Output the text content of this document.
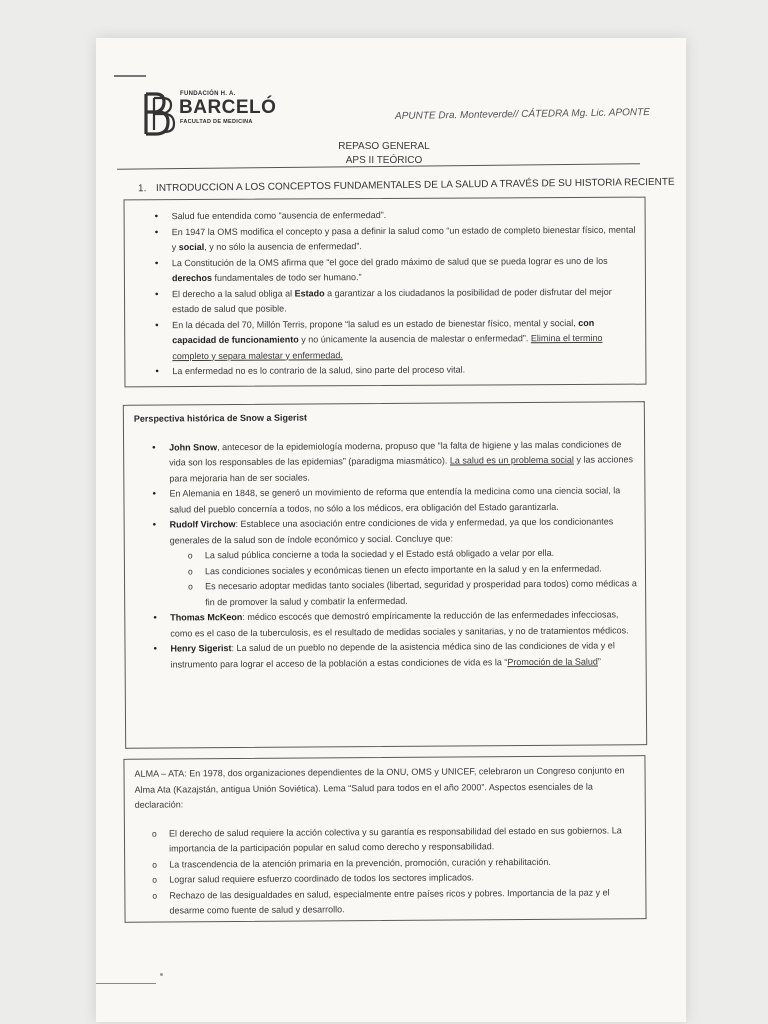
FUNDACIÓN H. A.
BARCELÓ
FACULTAD DE MEDICINA	APUNTE Dra. Monteverde// CÁTEDRA Mg. Lic. APONTE
REPASO GENERAL
APS II TEÓRICO
1. INTRODUCCION A LOS CONCEPTOS FUNDAMENTALES DE LA SALUD A TRAVÉS DE SU HISTORIA RECIENTE
• Salud fue entendida como “ausencia de enfermedad”.
• En 1947 la OMS modifica el concepto y pasa a definir la salud como “un estado de completo bienestar físico, mental y social, y no sólo la ausencia de enfermedad”.
• La Constitución de la OMS afirma que “el goce del grado máximo de salud que se pueda lograr es uno de los derechos fundamentales de todo ser humano.”
• El derecho a la salud obliga al Estado a garantizar a los ciudadanos la posibilidad de poder disfrutar del mejor estado de salud que posible.
• En la década del 70, Millón Terris, propone “la salud es un estado de bienestar físico, mental y social, con capacidad de funcionamiento y no únicamente la ausencia de malestar o enfermedad”. Elimina el termino completo y separa malestar y enfermedad.
• La enfermedad no es lo contrario de la salud, sino parte del proceso vital.
Perspectiva histórica de Snow a Sigerist
• John Snow, antecesor de la epidemiología moderna, propuso que “la falta de higiene y las malas condiciones de vida son los responsables de las epidemias” (paradigma miasmático). La salud es un problema social y las acciones para mejoraria han de ser sociales.
• En Alemania en 1848, se generó un movimiento de reforma que entendía la medicina como una ciencia social, la salud del pueblo concernía a todos, no sólo a los médicos, era obligación del Estado garantizarla.
• Rudolf Virchow: Establece una asociación entre condiciones de vida y enfermedad, ya que los condicionantes generales de la salud son de índole económico y social. Concluye que:
o La salud pública concierne a toda la sociedad y el Estado está obligado a velar por ella.
o Las condiciones sociales y económicas tienen un efecto importante en la salud y en la enfermedad.
o Es necesario adoptar medidas tanto sociales (libertad, seguridad y prosperidad para todos) como médicas a fin de promover la salud y combatir la enfermedad.
• Thomas McKeon: médico escocés que demostró empíricamente la reducción de las enfermedades infecciosas, como es el caso de la tuberculosis, es el resultado de medidas sociales y sanitarias, y no de tratamientos médicos.
• Henry Sigerist: La salud de un pueblo no depende de la asistencia médica sino de las condiciones de vida y el instrumento para lograr el acceso de la población a estas condiciones de vida es la “Promoción de la Salud”
ALMA – ATA: En 1978, dos organizaciones dependientes de la ONU, OMS y UNICEF, celebraron un Congreso conjunto en Alma Ata (Kazajstán, antigua Unión Soviética). Lema “Salud para todos en el año 2000”. Aspectos esenciales de la declaración:
o El derecho de salud requiere la acción colectiva y su garantía es responsabilidad del estado en sus gobiernos. La importancia de la participación popular en salud como derecho y responsabilidad.
o La trascendencia de la atención primaria en la prevención, promoción, curación y rehabilitación.
o Lograr salud requiere esfuerzo coordinado de todos los sectores implicados.
o Rechazo de las desigualdades en salud, especialmente entre países ricos y pobres. Importancia de la paz y el desarme como fuente de salud y desarrollo.
